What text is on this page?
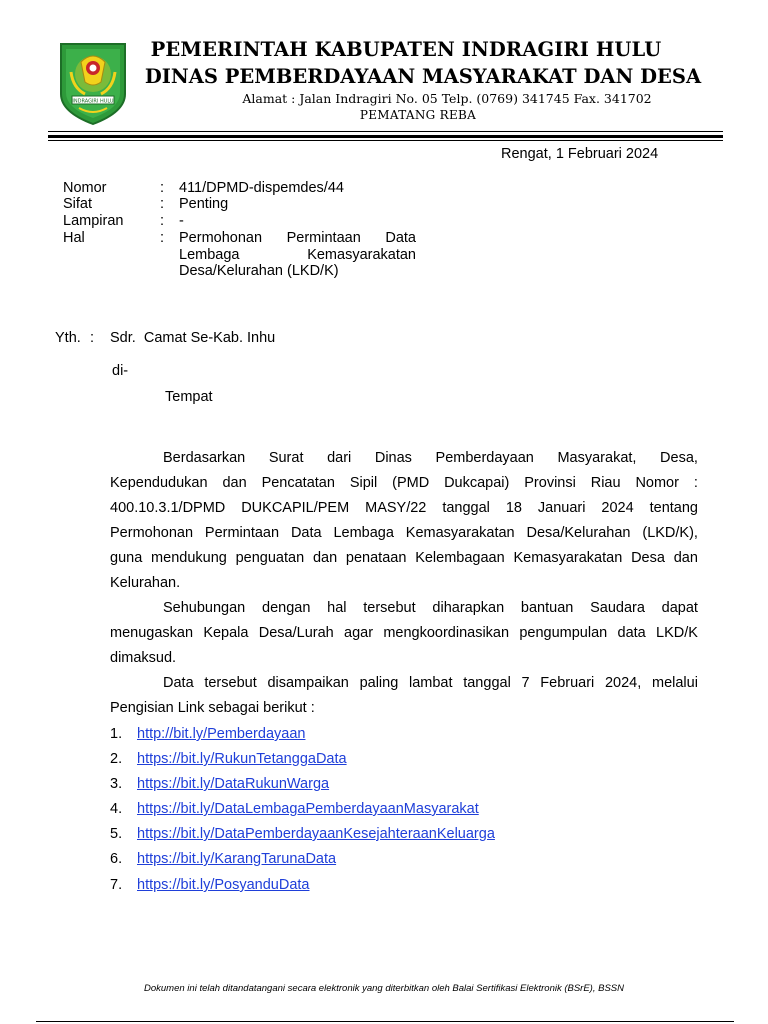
INDRAGIRI HULU
PEMERINTAH KABUPATEN INDRAGIRI HULU
DINAS PEMBERDAYAAN MASYARAKAT DAN DESA
Alamat : Jalan Indragiri No. 05 Telp. (0769) 341745 Fax. 341702
PEMATANG REBA
Rengat, 1 Februari 2024
Nomor	: 411/DPMD-dispemdes/44
Sifat	: Penting
Lampiran	: -
Hal	: Permohonan Permintaan Data
Lembaga	Kemasyarakatan
Desa/Kelurahan (LKD/K)
Yth. : Sdr.  Camat Se-Kab. Inhu
di-
Tempat
Berdasarkan Surat dari Dinas Pemberdayaan Masyarakat, Desa,
Kependudukan dan Pencatatan Sipil (PMD Dukcapai) Provinsi Riau Nomor :
400.10.3.1/DPMD DUKCAPIL/PEM MASY/22 tanggal 18 Januari 2024 tentang
Permohonan Permintaan Data Lembaga Kemasyarakatan Desa/Kelurahan (LKD/K),
guna mendukung penguatan dan penataan Kelembagaan Kemasyarakatan Desa dan
Kelurahan.
Sehubungan dengan hal tersebut diharapkan bantuan Saudara dapat
menugaskan Kepala Desa/Lurah agar mengkoordinasikan pengumpulan data LKD/K
dimaksud.
Data tersebut disampaikan paling lambat tanggal 7 Februari 2024, melalui
Pengisian Link sebagai berikut :
1. http://bit.ly/Pemberdayaan
2. https://bit.ly/RukunTetanggaData
3. https://bit.ly/DataRukunWarga
4. https://bit.ly/DataLembagaPemberdayaanMasyarakat
5. https://bit.ly/DataPemberdayaanKesejahteraanKeluarga
6. https://bit.ly/KarangTarunaData
7. https://bit.ly/PosyanduData
Dokumen ini telah ditandatangani secara elektronik yang diterbitkan oleh Balai Sertifikasi Elektronik (BSrE), BSSN
